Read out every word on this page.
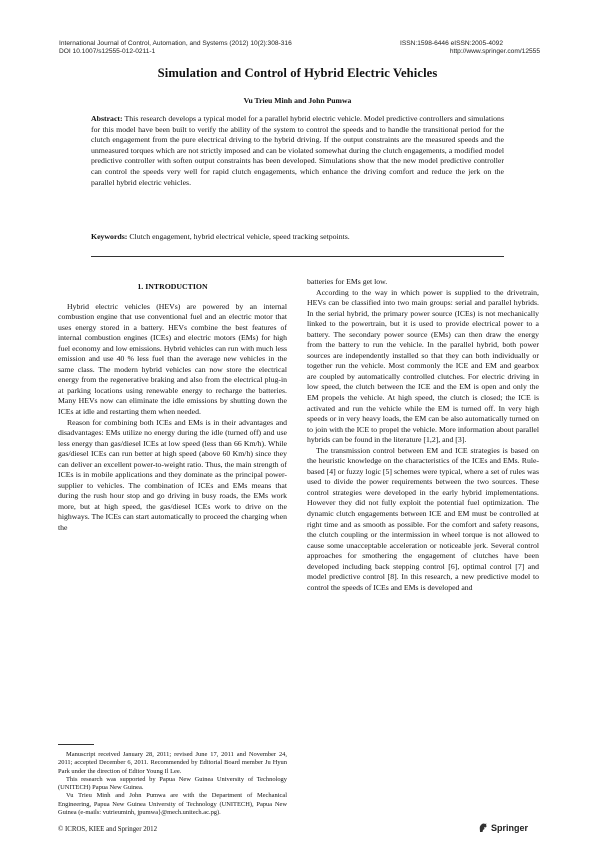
International Journal of Control, Automation, and Systems (2012) 10(2):308-316
DOI 10.1007/s12555-012-0211-1
ISSN:1598-6446 eISSN:2005-4092
http://www.springer.com/12555
Simulation and Control of Hybrid Electric Vehicles
Vu Trieu Minh and John Pumwa
Abstract: This research develops a typical model for a parallel hybrid electric vehicle. Model predictive controllers and simulations for this model have been built to verify the ability of the system to control the speeds and to handle the transitional period for the clutch engagement from the pure electrical driving to the hybrid driving. If the output constraints are the measured speeds and the unmeasured torques which are not strictly imposed and can be violated somewhat during the clutch engagements, a modified model predictive controller with soften output constraints has been developed. Simulations show that the new model predictive controller can control the speeds very well for rapid clutch engagements, which enhance the driving comfort and reduce the jerk on the parallel hybrid electric vehicles.
Keywords: Clutch engagement, hybrid electrical vehicle, speed tracking setpoints.
1. INTRODUCTION

Hybrid electric vehicles (HEVs) are powered by an internal combustion engine that use conventional fuel and an electric motor that uses energy stored in a battery. HEVs combine the best features of internal combustion engines (ICEs) and electric motors (EMs) for high fuel economy and low emissions. Hybrid vehicles can run with much less emission and use 40 % less fuel than the average new vehicles in the same class. The modern hybrid vehicles can now store the electrical energy from the regenerative braking and also from the electrical plug-in at parking locations using renewable energy to recharge the batteries. Many HEVs now can eliminate the idle emissions by shutting down the ICEs at idle and restarting them when needed.

Reason for combining both ICEs and EMs is in their advantages and disadvantages: EMs utilize no energy during the idle (turned off) and use less energy than gas/diesel ICEs at low speed (less than 66 Km/h). While gas/diesel ICEs can run better at high speed (above 60 Km/h) since they can deliver an excellent power-to-weight ratio. Thus, the main strength of ICEs is in mobile applications and they dominate as the principal power-supplier to vehicles. The combination of ICEs and EMs means that during the rush hour stop and go driving in busy roads, the EMs work more, but at high speed, the gas/diesel ICEs work to drive on the highways. The ICEs can start automatically to proceed the charging when the

batteries for EMs get low.

According to the way in which power is supplied to the drivetrain, HEVs can be classified into two main groups: serial and parallel hybrids. In the serial hybrid, the primary power source (ICEs) is not mechanically linked to the powertrain, but it is used to provide electrical power to a battery. The secondary power source (EMs) can then draw the energy from the battery to run the vehicle. In the parallel hybrid, both power sources are independently installed so that they can both individually or together run the vehicle. Most commonly the ICE and EM and gearbox are coupled by automatically controlled clutches. For electric driving in low speed, the clutch between the ICE and the EM is open and only the EM propels the vehicle. At high speed, the clutch is closed; the ICE is activated and run the vehicle while the EM is turned off. In very high speeds or in very heavy loads, the EM can be also automatically turned on to join with the ICE to propel the vehicle. More information about parallel hybrids can be found in the literature [1,2], and [3].

The transmission control between EM and ICE strategies is based on the heuristic knowledge on the characteristics of the ICEs and EMs. Rule-based [4] or fuzzy logic [5] schemes were typical, where a set of rules was used to divide the power requirements between the two sources. These control strategies were developed in the early hybrid implementations. However they did not fully exploit the potential fuel optimization. The dynamic clutch engagements between ICE and EM must be controlled at right time and as smooth as possible. For the comfort and safety reasons, the clutch coupling or the intermission in wheel torque is not allowed to cause some unacceptable acceleration or noticeable jerk. Several control approaches for smothering the engagement of clutches have been developed including back stepping control [6], optimal control [7] and model predictive control [8]. In this research, a new predictive model to control the speeds of ICEs and EMs is developed and

Manuscript received January 28, 2011; revised June 17, 2011 and November 24, 2011; accepted December 6, 2011. Recommended by Editorial Board member Ju Hyun Park under the direction of Editor Young Il Lee.

This research was supported by Papua New Guinea University of Technology (UNITECH) Papua New Guinea.

Vu Trieu Minh and John Pumwa are with the Department of Mechanical Engineering, Papua New Guinea University of Technology (UNITECH), Papua New Guinea (e-mails: vutrieuminh, jpumwa}@mech.unitech.ac.pg).

© ICROS, KIEE and Springer 2012	Springer
